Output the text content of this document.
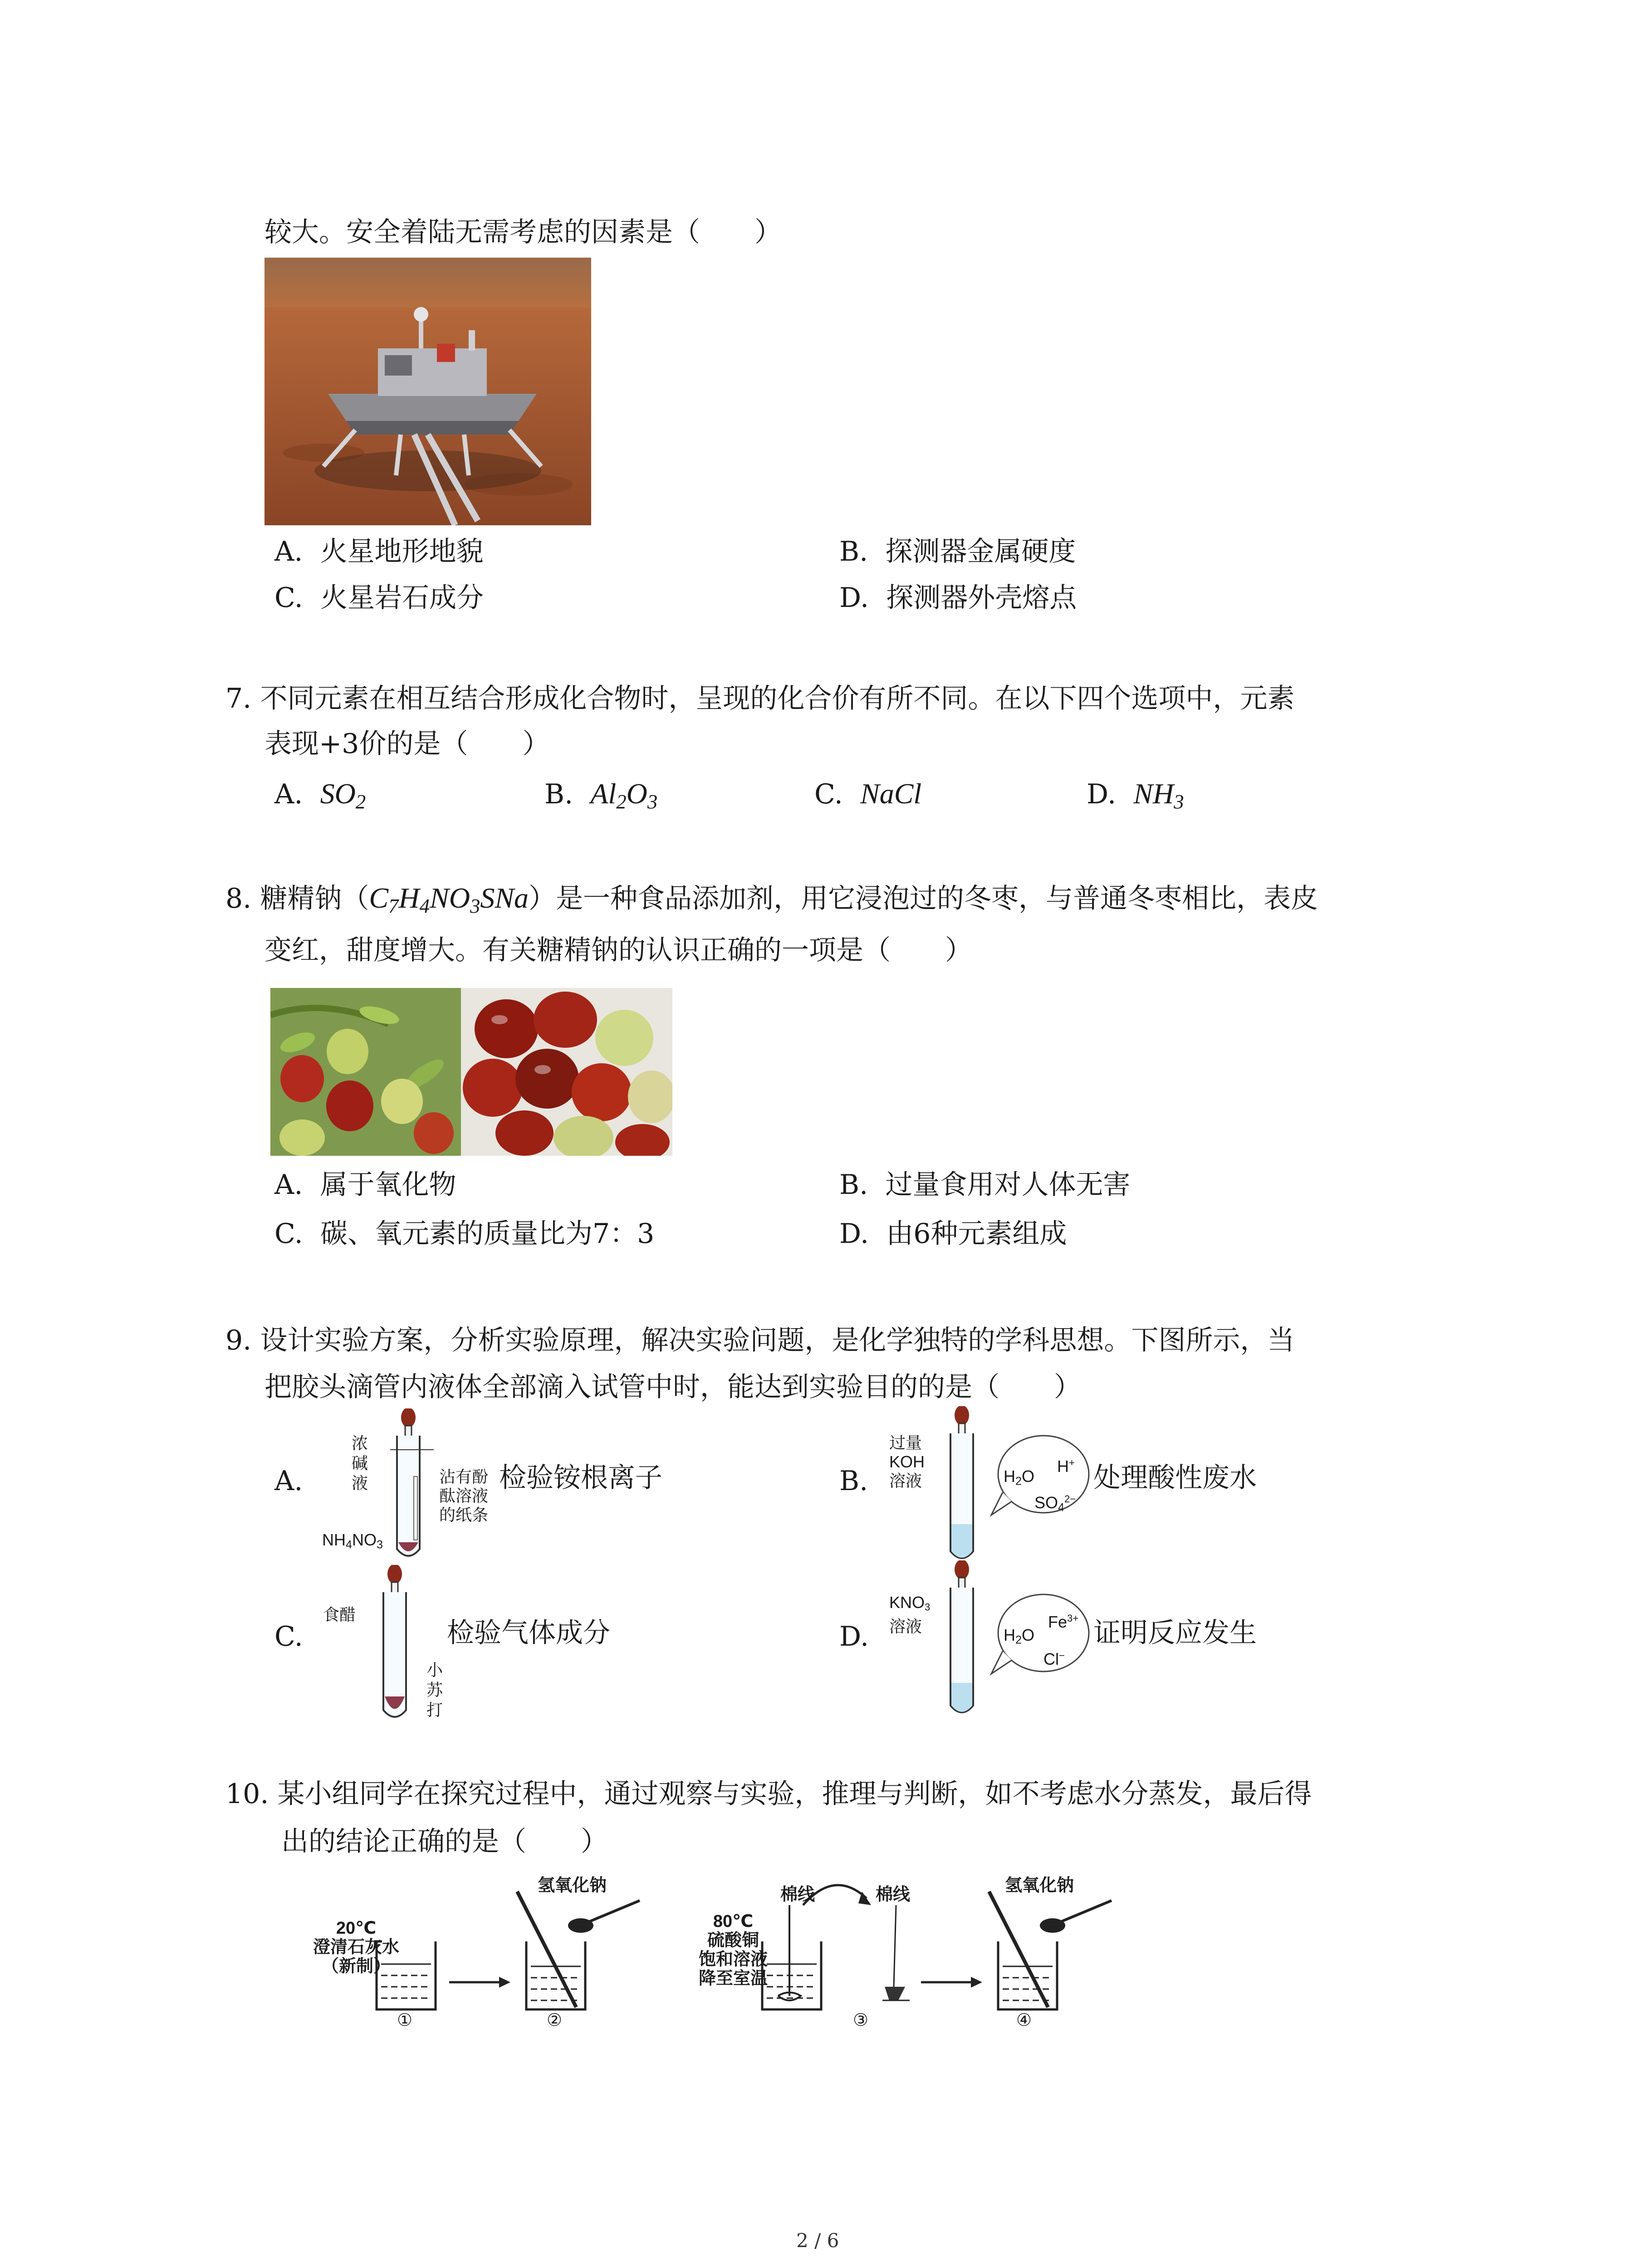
较大。安全着陆无需考虑的因素是（　　）
A. 火星地形地貌	B. 探测器金属硬度
C. 火星岩石成分	D. 探测器外壳熔点
7. 不同元素在相互结合形成化合物时，呈现的化合价有所不同。在以下四个选项中，元素
表现+3价的是（　　）
A. $SO_2$	B. $Al_2O_3$	C. NaCl	D. $NH_3$
8. 糖精钠$(C_7H_4NO_3SNa)$是一种食品添加剂，用它浸泡过的冬枣，与普通冬枣相比，表皮
变红，甜度增大。有关糖精钠的认识正确的一项是（　　）
A. 属于氧化物	B. 过量食用对人体无害
C. 碳、氧元素的质量比为7：3	D. 由6种元素组成
9. 设计实验方案，分析实验原理，解决实验问题，是化学独特的学科思想。下图所示，当
把胶头滴管内液体全部滴入试管中时，能达到实验目的的是（　　）
A.
浓
碱
液	沾有酚
酞溶液
的纸条
$NH_4NO_3$
检验铵根离子	B.
过量
KOH
溶液	$H_2O$
H+
$SO_4^{2-}$
处理酸性废水
C.
食醋
小
苏
打
检验气体成分	D.
$KNO_3$
溶液	$H_2O$
$Fe^{3+}$
Cl−
证明反应发生
10. 某小组同学在探究过程中，通过观察与实验，推理与判断，如不考虑水分蒸发，最后得
出的结论正确的是（　　）
20℃
澄清石灰水
（新制）
氢氧化钠	棉线	棉线
80℃
硫酸铜
饱和溶液
降至室温
氢氧化钠
①	②	③	④
2 / 6
